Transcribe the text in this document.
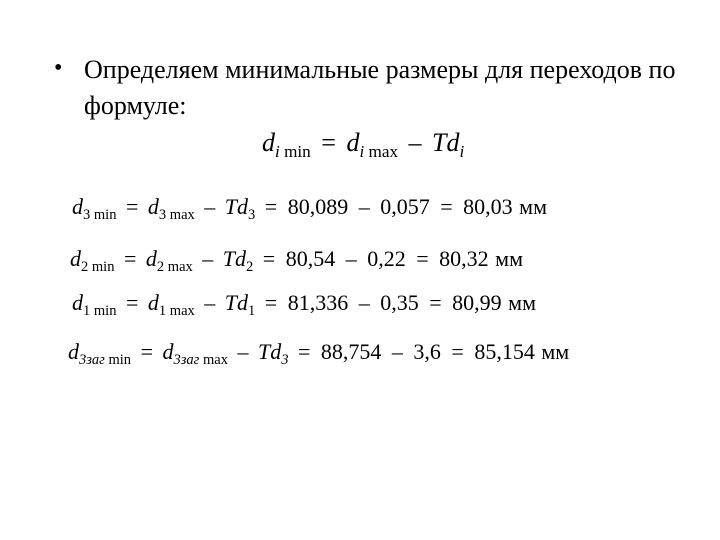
• Определяем минимальные размеры для переходов по формуле:
$d_{i min} = d_{i max} - Td_i$
$d_{3 min} = d_{3 max} - Td_3 = 80,089 - 0,057 = 80,03$ мм
$d_{2 min} = d_{2 max} - Td_2 = 80,54 - 0,22 = 80,32$ мм
$d_{1 min} = d_{1 max} - Td_1 = 81,336 - 0,35 = 80,99$ мм
$d_{3заг min} = d_{3заг max} - Td_3 = 88,754 - 3,6 = 85,154$ мм
